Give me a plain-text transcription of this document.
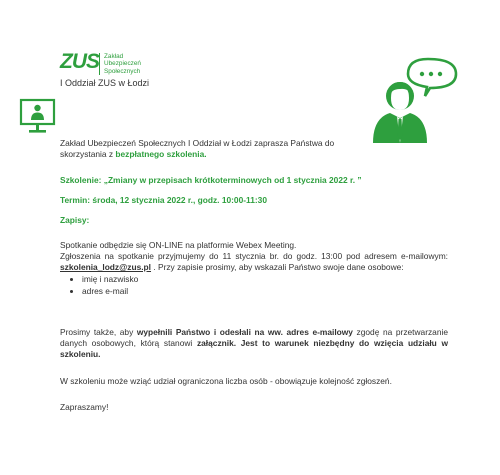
ZUS Zakład
Ubezpieczeń
Społecznych
I Oddział ZUS w Łodzi
Zakład Ubezpieczeń Społecznych I Oddział w Łodzi zaprasza Państwa do
skorzystania z bezpłatnego szkolenia.
Szkolenie: „Zmiany w przepisach krótkoterminowych od 1 stycznia 2022 r. ”
Termin: środa, 12 stycznia 2022 r., godz. 10:00-11:30
Zapisy:
Spotkanie odbędzie się ON-LINE na platformie Webex Meeting.
Zgłoszenia na spotkanie przyjmujemy do 11 stycznia br. do godz. 13:00 pod adresem e-mailowym: szkolenia_lodz@zus.pl . Przy zapisie prosimy, aby wskazali Państwo swoje dane osobowe:
• imię i nazwisko
• adres e-mail
Prosimy także, aby wypełnili Państwo i odesłali na ww. adres e-mailowy zgodę na przetwarzanie danych osobowych, którą stanowi załącznik. Jest to warunek niezbędny do wzięcia udziału w szkoleniu.
W szkoleniu może wziąć udział ograniczona liczba osób - obowiązuje kolejność zgłoszeń.
Zapraszamy!
